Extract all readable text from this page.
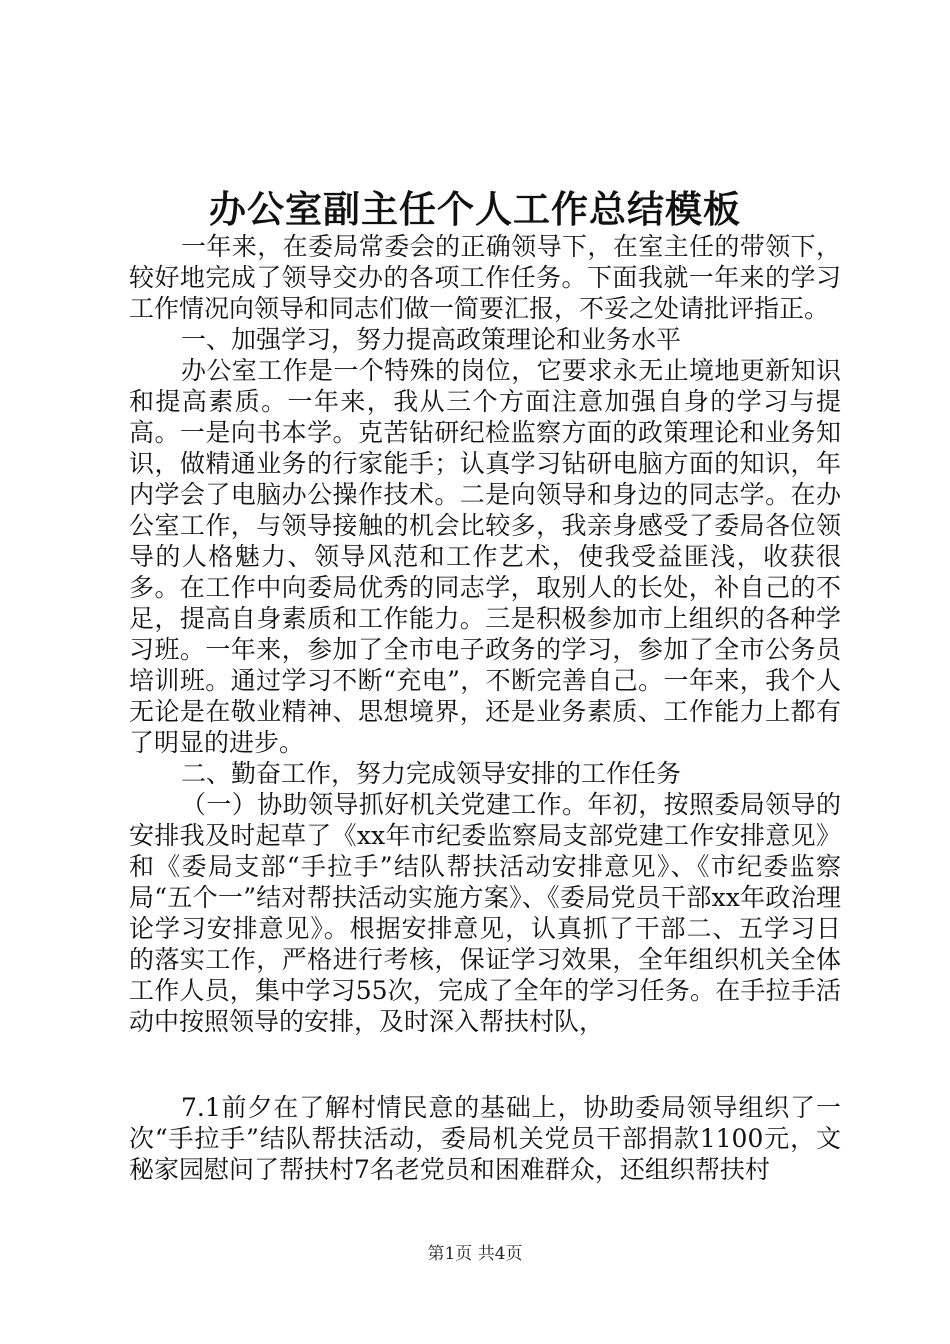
办公室副主任个人工作总结模板

一年来，在委局常委会的正确领导下，在室主任的带领下，较好地完成了领导交办的各项工作任务。下面我就一年来的学习工作情况向领导和同志们做一简要汇报，不妥之处请批评指正。

一、加强学习，努力提高政策理论和业务水平

办公室工作是一个特殊的岗位，它要求永无止境地更新知识和提高素质。一年来，我从三个方面注意加强自身的学习与提高。一是向书本学。克苦钻研纪检监察方面的政策理论和业务知识，做精通业务的行家能手；认真学习钻研电脑方面的知识，年内学会了电脑办公操作技术。二是向领导和身边的同志学。在办公室工作，与领导接触的机会比较多，我亲身感受了委局各位领导的人格魅力、领导风范和工作艺术，使我受益匪浅，收获很多。在工作中向委局优秀的同志学，取别人的长处，补自己的不足，提高自身素质和工作能力。三是积极参加市上组织的各种学习班。一年来，参加了全市电子政务的学习，参加了全市公务员培训班。通过学习不断“充电”，不断完善自己。一年来，我个人无论是在敬业精神、思想境界，还是业务素质、工作能力上都有了明显的进步。

二、勤奋工作，努力完成领导安排的工作任务

（一）协助领导抓好机关党建工作。年初，按照委局领导的安排我及时起草了《xx年市纪委监察局支部党建工作安排意见》和《委局支部“手拉手”结队帮扶活动安排意见》、《市纪委监察局“五个一”结对帮扶活动实施方案》、《委局党员干部xx年政治理论学习安排意见》。根据安排意见，认真抓了干部二、五学习日的落实工作，严格进行考核，保证学习效果，全年组织机关全体工作人员，集中学习55次，完成了全年的学习任务。在手拉手活动中按照领导的安排，及时深入帮扶村队，

7.1前夕在了解村情民意的基础上，协助委局领导组织了一次“手拉手”结队帮扶活动，委局机关党员干部捐款1100元，文秘家园慰问了帮扶村7名老党员和困难群众，还组织帮扶村

第1页 共4页
